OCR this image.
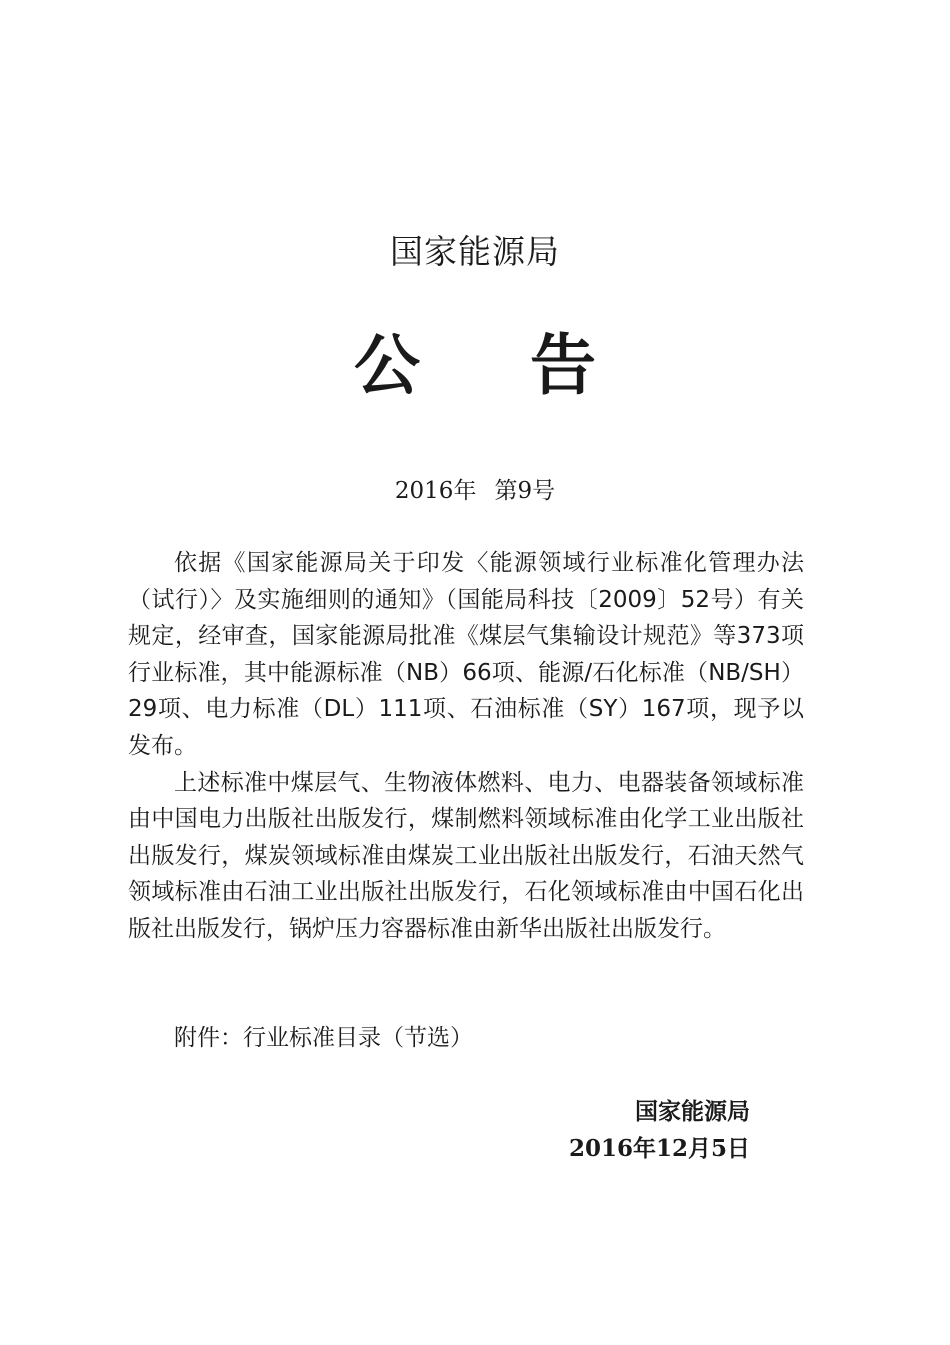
国家能源局
公告
2016年 第9号

依据《国家能源局关于印发〈能源领域行业标准化管理办法（试行）〉及实施细则的通知》（国能局科技〔2009〕52号）有关规定，经审查，国家能源局批准《煤层气集输设计规范》等373项行业标准，其中能源标准（NB）66项、能源/石化标准（NB/SH）29项、电力标准（DL）111项、石油标准（SY）167项，现予以发布。

上述标准中煤层气、生物液体燃料、电力、电器装备领域标准由中国电力出版社出版发行，煤制燃料领域标准由化学工业出版社出版发行，煤炭领域标准由煤炭工业出版社出版发行，石油天然气领域标准由石油工业出版社出版发行，石化领域标准由中国石化出版社出版发行，锅炉压力容器标准由新华出版社出版发行。

附件：行业标准目录（节选）
国家能源局
2016年12月5日
